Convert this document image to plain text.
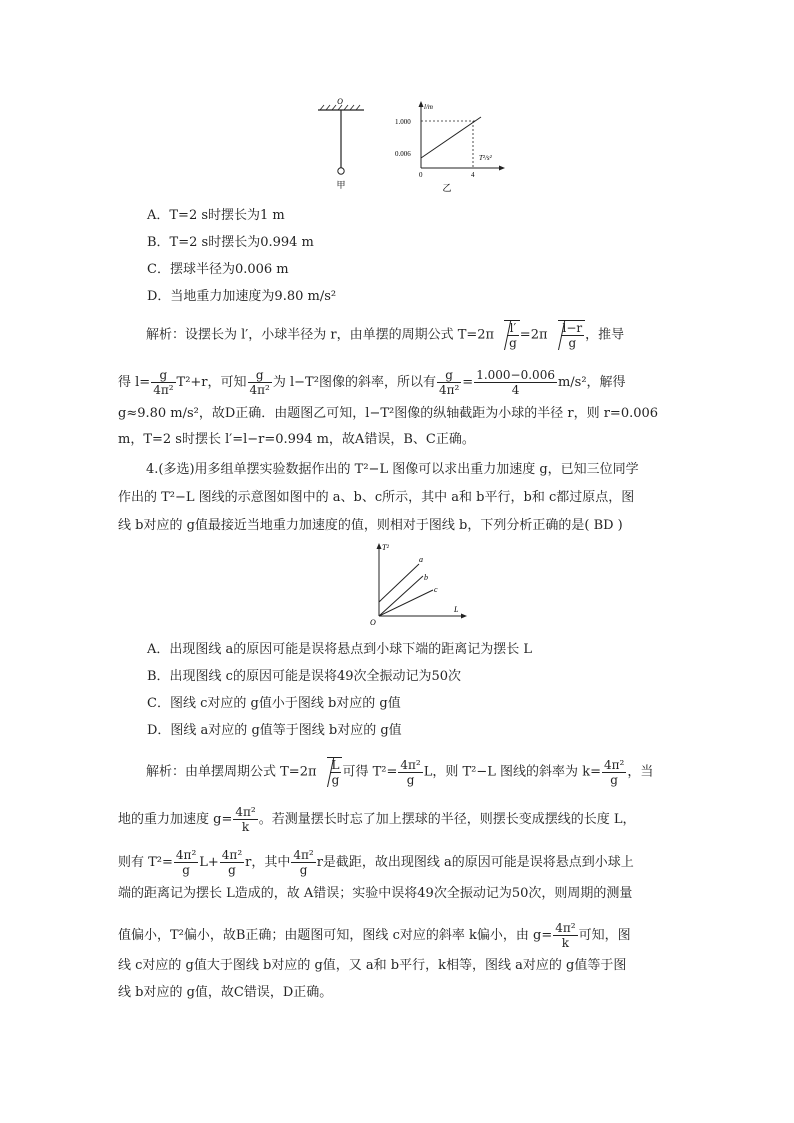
O
甲
l/m
T²/s²
1.000
0.006
0	4
乙
A．T=2 s时摆长为1 m
B．T=2 s时摆长为0.994 m
C．摆球半径为0.006 m
D．当地重力加速度为9.80 m/s²
解析：设摆长为 l′，小球半径为 r，由单摆的周期公式 $T=2\pi \frac{l'}{g} =2\pi \frac{l-r}{g}$ ，推导
得 $l= \frac{g}{\text{4π²}} T^2+r$，可知 $\frac{g}{\text{4π²}}$ 为 l−T²图像的斜率，所以有 $\frac{g}{\text{4π²}} = \frac{1.000-0.006}{4} m/s^2$，解得
g≈9.80 m/s²，故D正确．由题图乙可知，l−T²图像的纵轴截距为小球的半径 r，则 r=0.006
m，T=2 s时摆长 l′=l−r=0.994 m，故A错误，B、C正确。
4.(多选)用多组单摆实验数据作出的 T²−L 图像可以求出重力加速度 g，已知三位同学
作出的 T²−L 图线的示意图如图中的 a、b、c所示，其中 a和 b平行，b和 c都过原点，图
线 b对应的 g值最接近当地重力加速度的值，则相对于图线 b，下列分析正确的是( BD )
T²
L
O
a
b
c
A．出现图线 a的原因可能是误将悬点到小球下端的距离记为摆长 L
B．出现图线 c的原因可能是误将49次全振动记为50次
C．图线 c对应的 g值小于图线 b对应的 g值
D．图线 a对应的 g值等于图线 b对应的 g值
解析：由单摆周期公式 $T=2\pi \frac{L}{g}$ 可得 $T^2= \frac{\text{4π²}}{g}$ L，则 T²−L 图线的斜率为 $k= \frac{\text{4π²}}{g}$ ，当
地的重力加速度 $g= \frac{\text{4π²}}{k}$ 。若测量摆长时忘了加上摆球的半径，则摆长变成摆线的长度 L，
则有 $T^2= \frac{\text{4π²}}{g} L+ \frac{\text{4π²}}{g}$ r，其中 $\frac{\text{4π²}}{g}$ r是截距，故出现图线 a的原因可能是误将悬点到小球上
端的距离记为摆长 L造成的，故 A错误；实验中误将49次全振动记为50次，则周期的测量
值偏小，T²偏小，故B正确；由题图可知，图线 c对应的斜率 k偏小，由 $g= \frac{\text{4π²}}{k}$ 可知，图
线 c对应的 g值大于图线 b对应的 g值，又 a和 b平行，k相等，图线 a对应的 g值等于图
线 b对应的 g值，故C错误，D正确。
